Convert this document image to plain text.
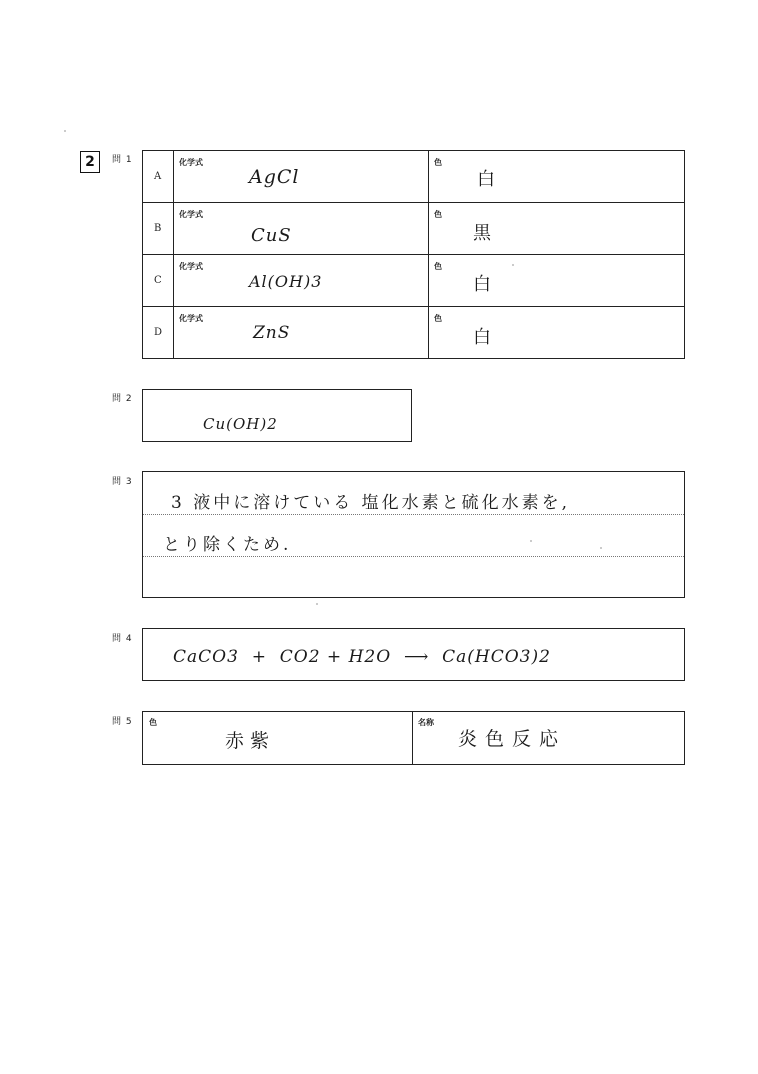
2	問 1
A
化学式
AgCl
色
白
B
化学式
CuS
色
黒
C
化学式
Al(OH)3
色
白
D
化学式
ZnS
色
白
問 2
Cu(OH)2
問 3
3 液中に溶けている 塩化水素と硫化水素を,
とり除くため.
問 4
CaCO3  +  CO2 + H2O  ⟶  Ca(HCO3)2
問 5 色
赤紫
名称
炎色反応
